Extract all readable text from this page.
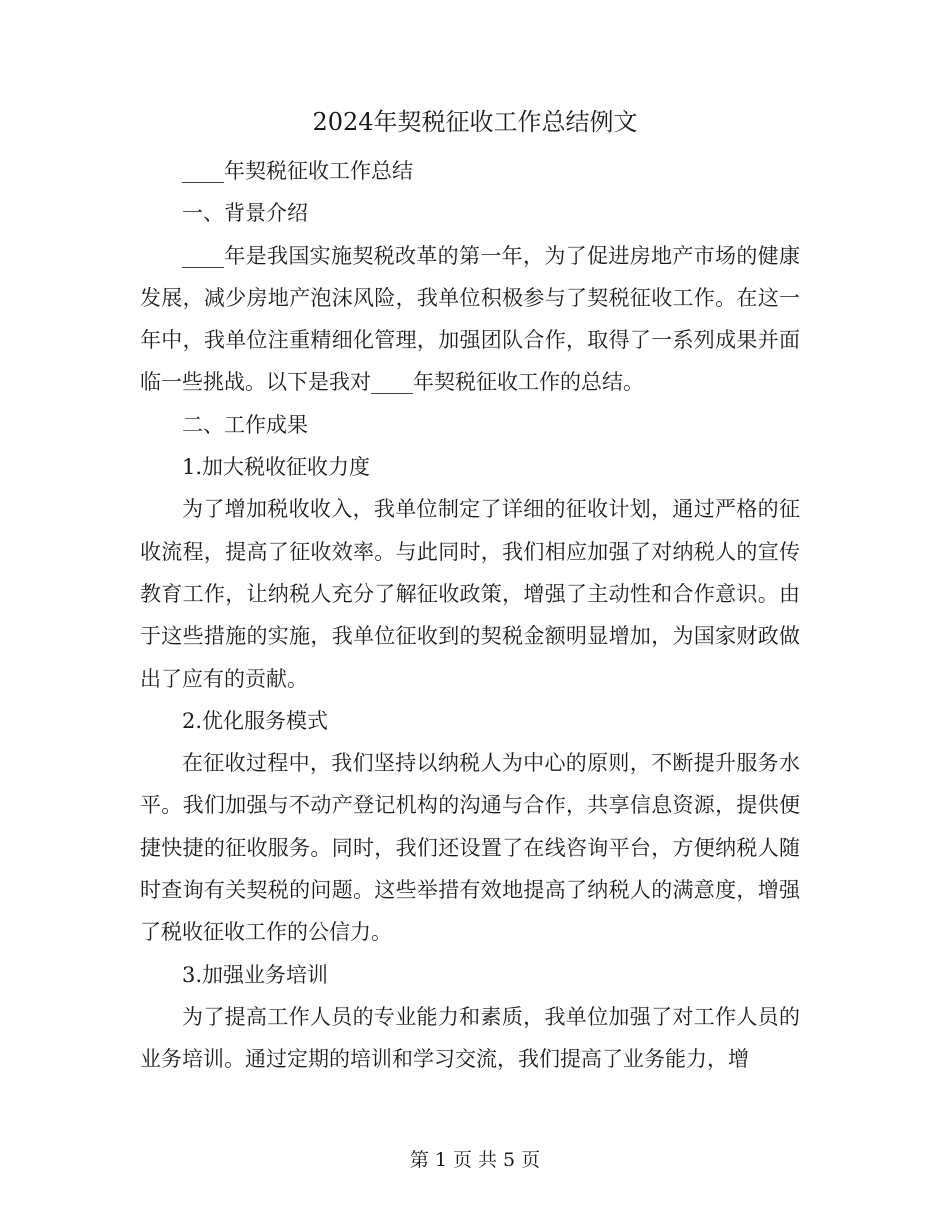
2024年契税征收工作总结例文

____年契税征收工作总结

一、背景介绍

____年是我国实施契税改革的第一年，为了促进房地产市场的健康发展，减少房地产泡沫风险，我单位积极参与了契税征收工作。在这一年中，我单位注重精细化管理，加强团队合作，取得了一系列成果并面临一些挑战。以下是我对____年契税征收工作的总结。

二、工作成果

1.加大税收征收力度

为了增加税收收入，我单位制定了详细的征收计划，通过严格的征收流程，提高了征收效率。与此同时，我们相应加强了对纳税人的宣传教育工作，让纳税人充分了解征收政策，增强了主动性和合作意识。由于这些措施的实施，我单位征收到的契税金额明显增加，为国家财政做出了应有的贡献。

2.优化服务模式

在征收过程中，我们坚持以纳税人为中心的原则，不断提升服务水平。我们加强与不动产登记机构的沟通与合作，共享信息资源，提供便捷快捷的征收服务。同时，我们还设置了在线咨询平台，方便纳税人随时查询有关契税的问题。这些举措有效地提高了纳税人的满意度，增强了税收征收工作的公信力。

3.加强业务培训

为了提高工作人员的专业能力和素质，我单位加强了对工作人员的业务培训。通过定期的培训和学习交流，我们提高了业务能力，增

第 1 页 共 5 页
